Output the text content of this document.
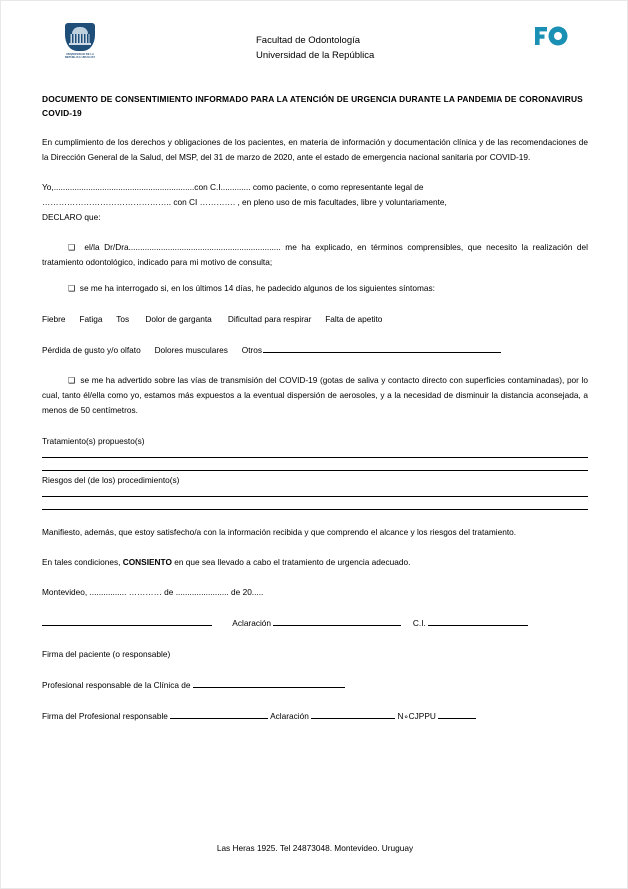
UNIVERSIDAD DE LA REPÚBLICA URUGUAY
Facultad de Odontología
Universidad de la República
DOCUMENTO DE CONSENTIMIENTO INFORMADO PARA LA ATENCIÓN DE URGENCIA DURANTE LA PANDEMIA DE CORONAVIRUS COVID-19
En cumplimiento de los derechos y obligaciones de los pacientes, en materia de información y documentación clínica y de las recomendaciones de la Dirección General de la Salud, del MSP, del 31 de marzo de 2020, ante el estado de emergencia nacional sanitaria por COVID-19.
Yo,.............................................................con C.I............. como paciente, o como representante legal de
……………………………………….. con CI …………. , en pleno uso de mis facultades, libre y voluntariamente,
DECLARO que:
❑ el/la Dr/Dra.................................................................. me ha explicado, en términos comprensibles, que necesito la realización del tratamiento odontológico, indicado para mi motivo de consulta;
❑ se me ha interrogado si, en los últimos 14 días, he padecido algunos de los siguientes síntomas:
Fiebre Fatiga Tos Dolor de garganta Dificultad para respirar Falta de apetito
Pérdida de gusto y/o olfato Dolores musculares Otros
❑ se me ha advertido sobre las vías de transmisión del COVID-19 (gotas de saliva y contacto directo con superficies contaminadas), por lo cual, tanto él/ella como yo, estamos más expuestos a la eventual dispersión de aerosoles, y a la necesidad de disminuir la distancia aconsejada, a menos de 50 centímetros.
Tratamiento(s) propuesto(s)
Riesgos del (de los) procedimiento(s)
Manifiesto, además, que estoy satisfecho/a con la información recibida y que comprendo el alcance y los riesgos del tratamiento.
En tales condiciones, CONSIENTO en que sea llevado a cabo el tratamiento de urgencia adecuado.
Montevideo, ................ ………… de ....................... de 20.....
Aclaración	C.I.
Firma del paciente (o responsable)
Profesional responsable de la Clínica de
Firma del Profesional responsable	Aclaración	N∘CJPPU
Las Heras 1925. Tel 24873048. Montevideo. Uruguay
